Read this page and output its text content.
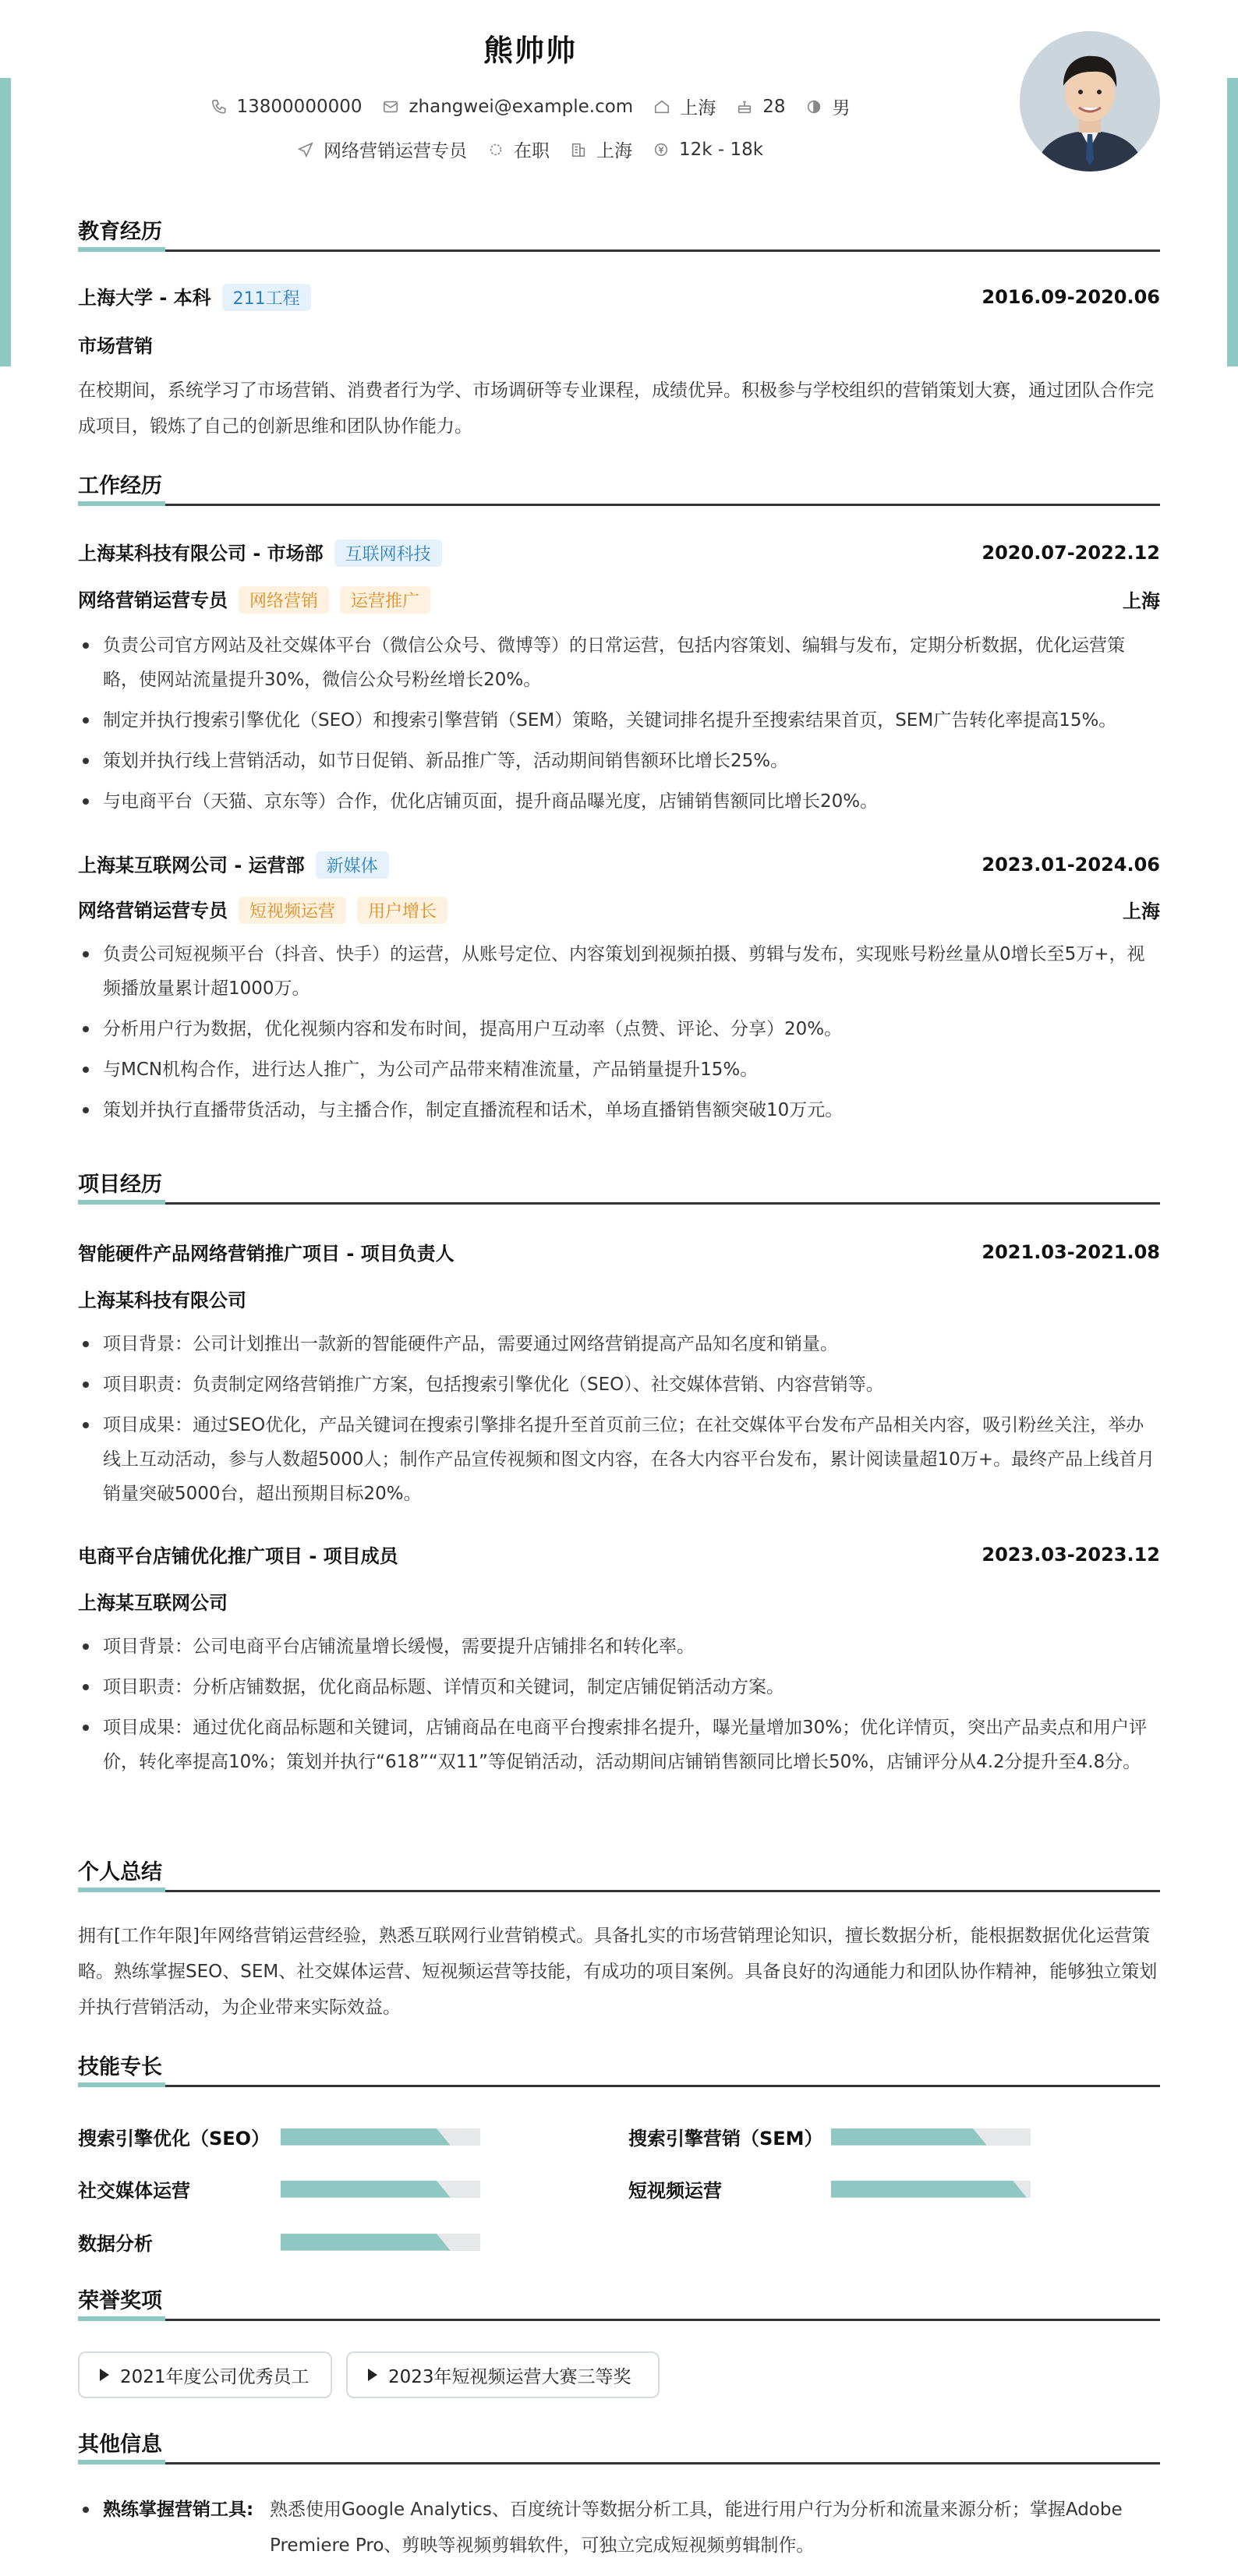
熊帅帅
13800000000	zhangwei@example.com	上海	28	男
网络营销运营专员	在职	上海	12k - 18k
教育经历
上海大学 - 本科 211工程	2016.09-2020.06
市场营销
在校期间，系统学习了市场营销、消费者行为学、市场调研等专业课程，成绩优异。积极参与学校组织的营销策划大赛，通过团队合作完成项目，锻炼了自己的创新思维和团队协作能力。
工作经历
上海某科技有限公司 - 市场部 互联网科技	2020.07-2022.12
网络营销运营专员 网络营销 运营推广	上海
负责公司官方网站及社交媒体平台（微信公众号、微博等）的日常运营，包括内容策划、编辑与发布，定期分析数据，优化运营策略，使网站流量提升30%，微信公众号粉丝增长20%。
制定并执行搜索引擎优化（SEO）和搜索引擎营销（SEM）策略，关键词排名提升至搜索结果首页，SEM广告转化率提高15%。
策划并执行线上营销活动，如节日促销、新品推广等，活动期间销售额环比增长25%。
与电商平台（天猫、京东等）合作，优化店铺页面，提升商品曝光度，店铺销售额同比增长20%。
上海某互联网公司 - 运营部 新媒体	2023.01-2024.06
网络营销运营专员 短视频运营 用户增长	上海
负责公司短视频平台（抖音、快手）的运营，从账号定位、内容策划到视频拍摄、剪辑与发布，实现账号粉丝量从0增长至5万+，视频播放量累计超1000万。
分析用户行为数据，优化视频内容和发布时间，提高用户互动率（点赞、评论、分享）20%。
与MCN机构合作，进行达人推广，为公司产品带来精准流量，产品销量提升15%。
策划并执行直播带货活动，与主播合作，制定直播流程和话术，单场直播销售额突破10万元。
项目经历
智能硬件产品网络营销推广项目 - 项目负责人	2021.03-2021.08
上海某科技有限公司
项目背景：公司计划推出一款新的智能硬件产品，需要通过网络营销提高产品知名度和销量。
项目职责：负责制定网络营销推广方案，包括搜索引擎优化（SEO）、社交媒体营销、内容营销等。
项目成果：通过SEO优化，产品关键词在搜索引擎排名提升至首页前三位；在社交媒体平台发布产品相关内容，吸引粉丝关注，举办线上互动活动，参与人数超5000人；制作产品宣传视频和图文内容，在各大内容平台发布，累计阅读量超10万+。最终产品上线首月销量突破5000台，超出预期目标20%。
电商平台店铺优化推广项目 - 项目成员	2023.03-2023.12
上海某互联网公司
项目背景：公司电商平台店铺流量增长缓慢，需要提升店铺排名和转化率。
项目职责：分析店铺数据，优化商品标题、详情页和关键词，制定店铺促销活动方案。
项目成果：通过优化商品标题和关键词，店铺商品在电商平台搜索排名提升，曝光量增加30%；优化详情页，突出产品卖点和用户评价，转化率提高10%；策划并执行“618”“双11”等促销活动，活动期间店铺销售额同比增长50%，店铺评分从4.2分提升至4.8分。
个人总结
拥有[工作年限]年网络营销运营经验，熟悉互联网行业营销模式。具备扎实的市场营销理论知识，擅长数据分析，能根据数据优化运营策略。熟练掌握SEO、SEM、社交媒体运营、短视频运营等技能，有成功的项目案例。具备良好的沟通能力和团队协作精神，能够独立策划并执行营销活动，为企业带来实际效益。
技能专长
搜索引擎优化（SEO）	搜索引擎营销（SEM）
社交媒体运营	短视频运营
数据分析
荣誉奖项
2021年度公司优秀员工	2023年短视频运营大赛三等奖
其他信息
熟练掌握营销工具: 熟悉使用Google Analytics、百度统计等数据分析工具，能进行用户行为分析和流量来源分析；掌握Adobe Premiere Pro、剪映等视频剪辑软件，可独立完成短视频剪辑制作。
